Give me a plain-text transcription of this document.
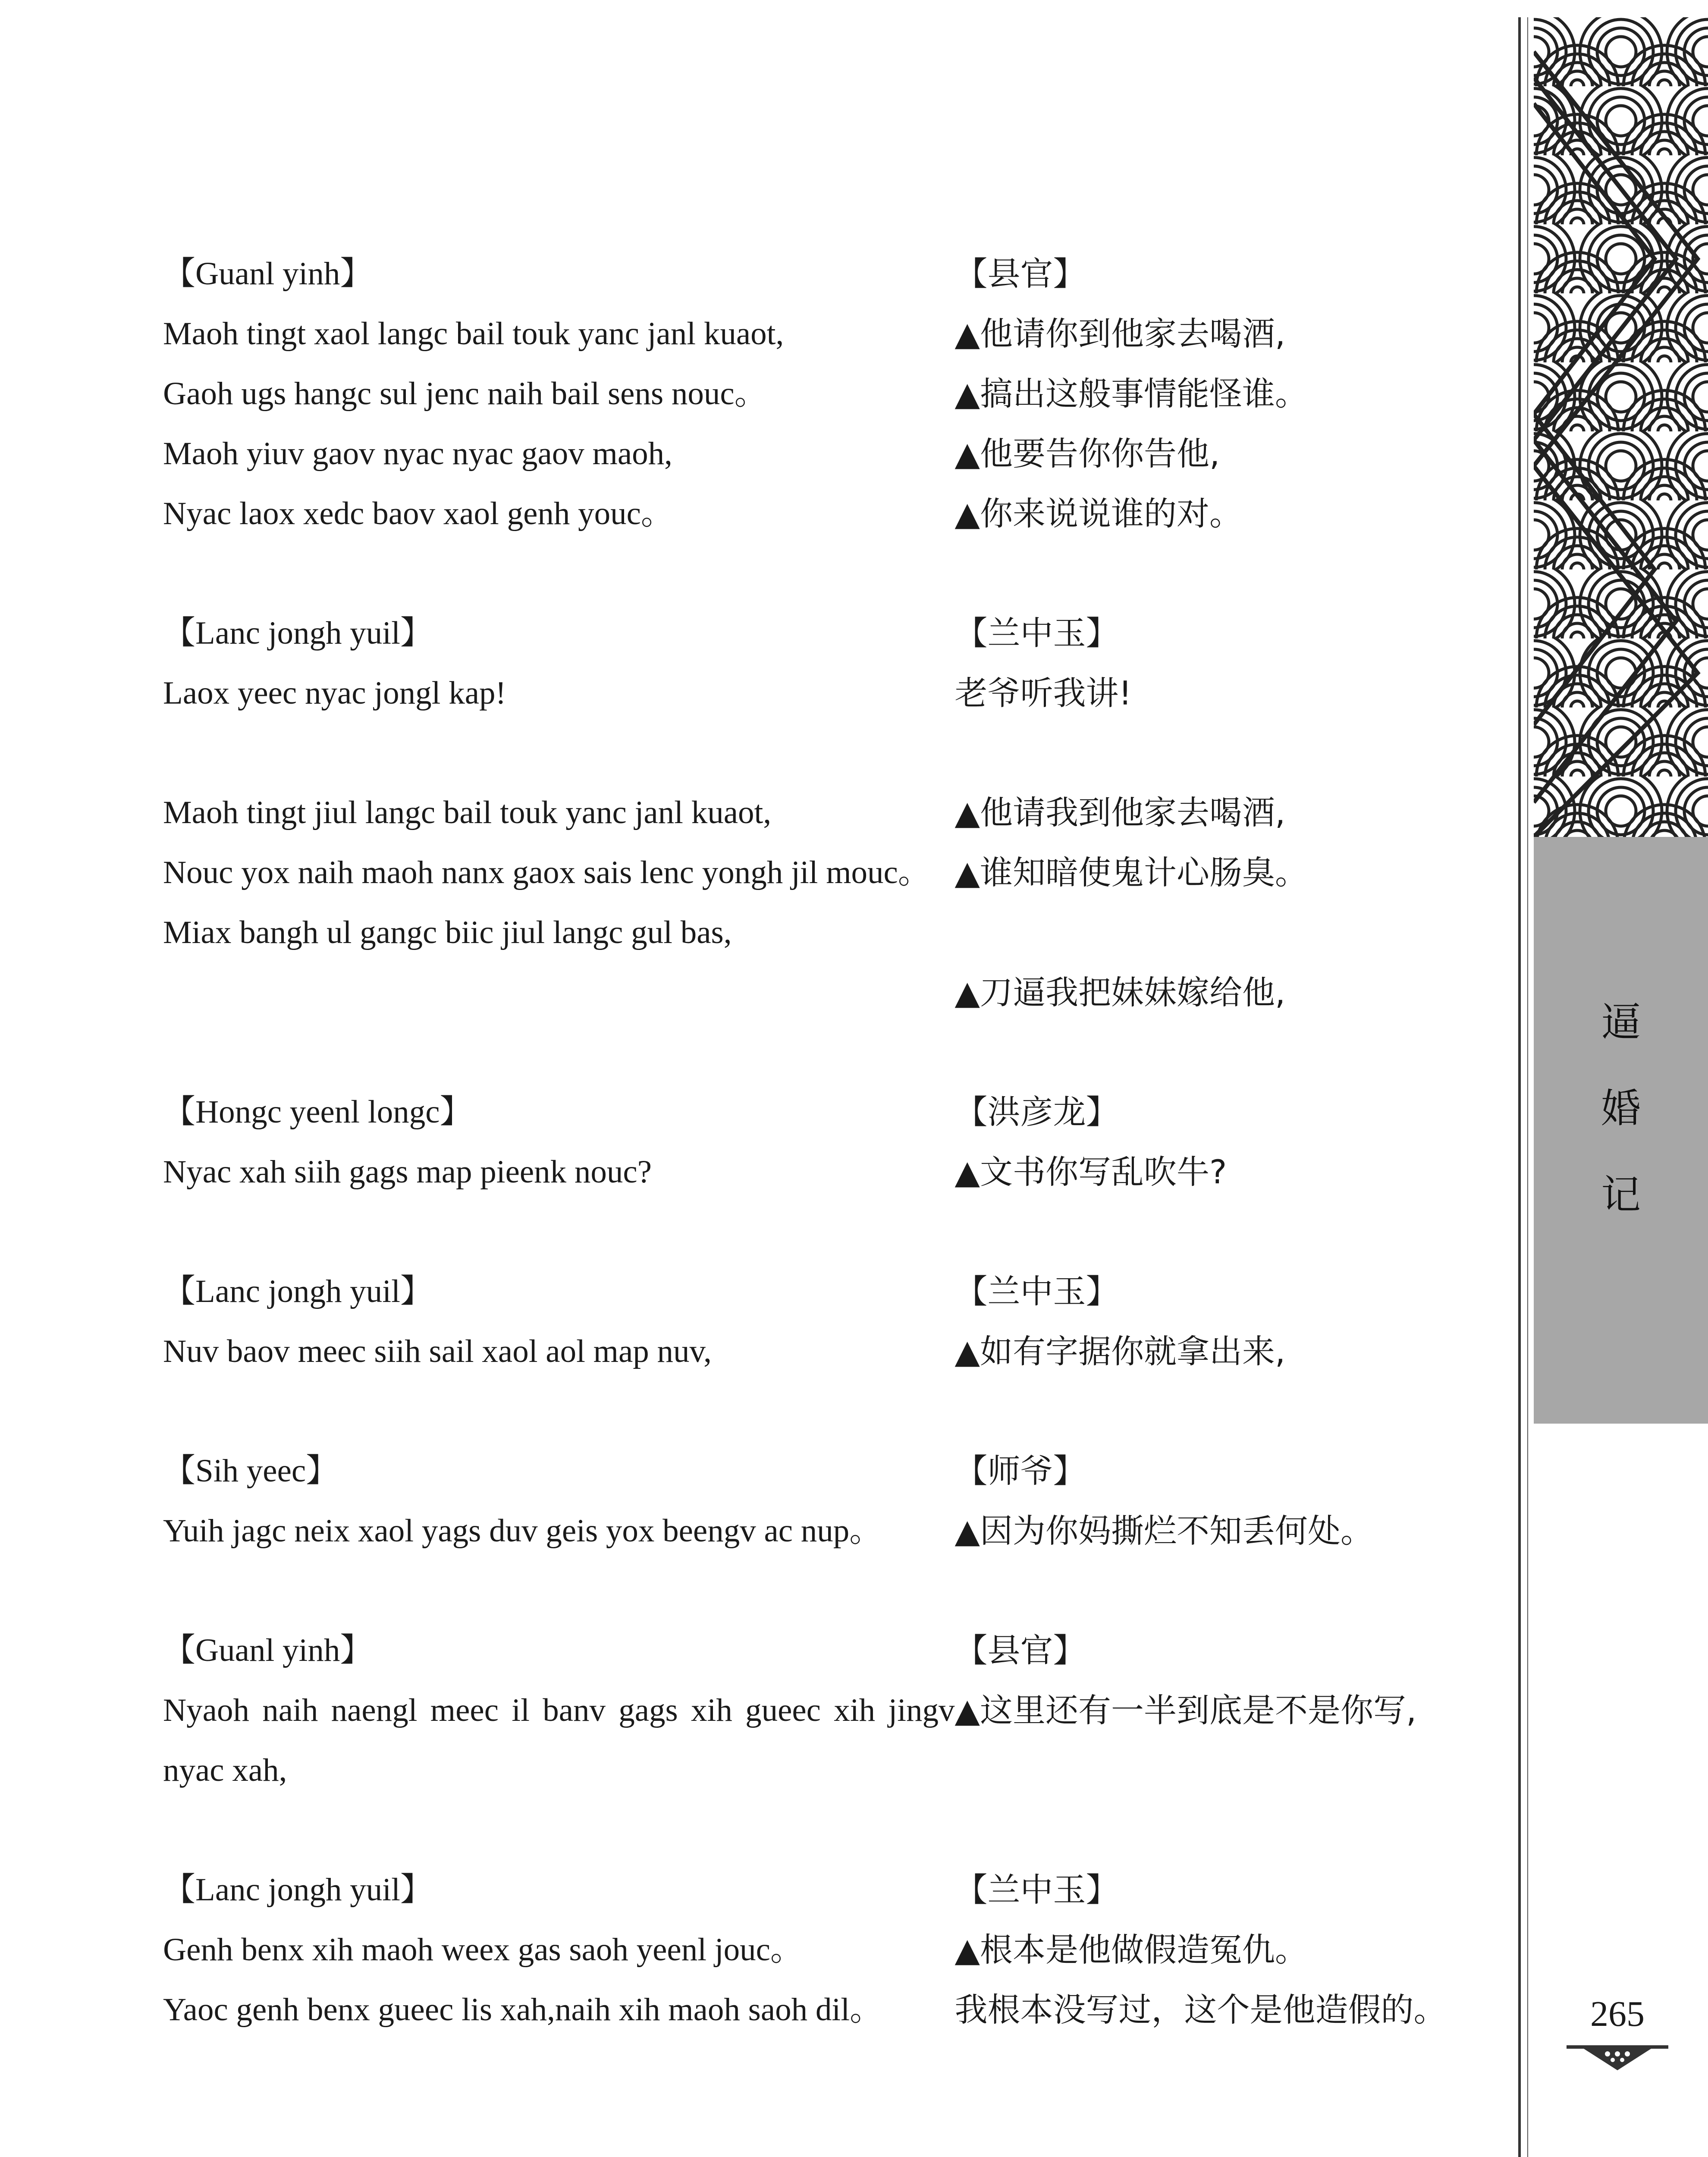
【Guanl yinh】
Maoh tingt xaol langc bail touk yanc janl kuaot,
Gaoh ugs hangc sul jenc naih bail sens nouc。
Maoh yiuv gaov nyac nyac gaov maoh,
Nyac laox xedc baov xaol genh youc。
【县官】
▲他请你到他家去喝酒,
▲搞出这般事情能怪谁。
▲他要告你你告他,
▲你来说说谁的对。
【Lanc jongh yuil】
Laox yeec nyac jongl kap!
【兰中玉】
老爷听我讲!
Maoh tingt jiul langc bail touk yanc janl kuaot,
Nouc yox naih maoh nanx gaox sais lenc yongh jil mouc。
Miax bangh ul gangc biic jiul langc gul bas,
▲他请我到他家去喝酒,
▲谁知暗使鬼计心肠臭。

▲刀逼我把妹妹嫁给他,
【Hongc yeenl longc】
Nyac xah siih gags map pieenk nouc?
【洪彦龙】
▲文书你写乱吹牛?
【Lanc jongh yuil】
Nuv baov meec siih sail xaol aol map nuv,
【兰中玉】
▲如有字据你就拿出来,
【Sih yeec】
Yuih jagc neix xaol yags duv geis yox beengv ac nup。
【师爷】
▲因为你妈撕烂不知丢何处。
【Guanl yinh】
Nyaoh naih naengl meec il banv gags xih gueec xih jingv nyac xah,
【县官】
▲这里还有一半到底是不是你写,
【Lanc jongh yuil】
Genh benx xih maoh weex gas saoh yeenl jouc。
Yaoc genh benx gueec lis xah,naih xih maoh saoh dil。
【兰中玉】
▲根本是他做假造冤仇。
我根本没写过，这个是他造假的。
逼
婚
记
265
